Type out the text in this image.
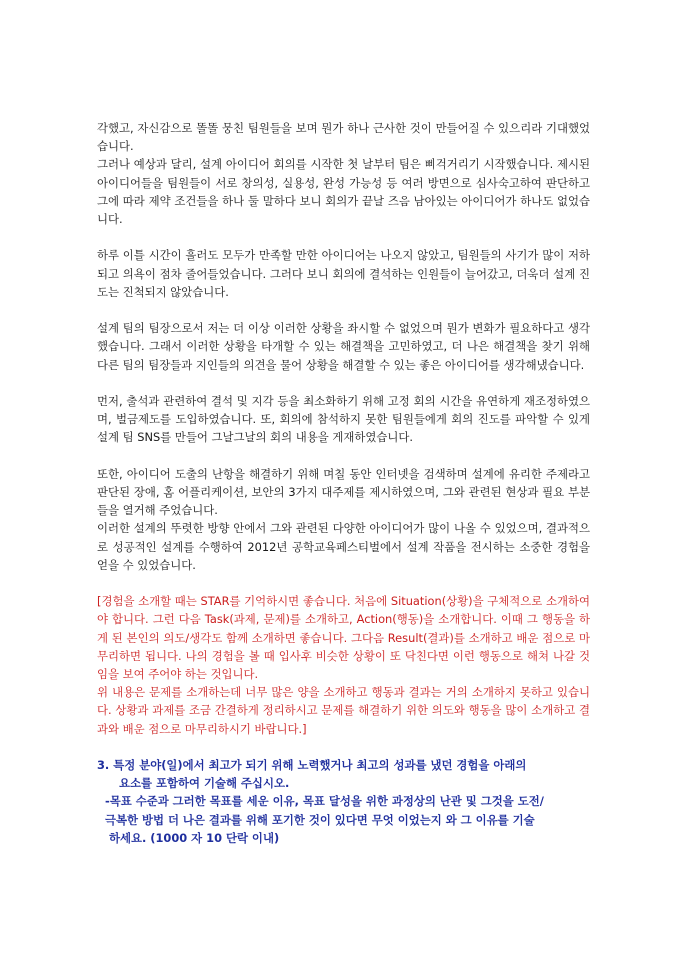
각했고, 자신감으로 똘똘 뭉친 팀원들을 보며 뭔가 하나 근사한 것이 만들어질 수 있으리라 기대했었습니다.

그러나 예상과 달리, 설계 아이디어 회의를 시작한 첫 날부터 팀은 삐걱거리기 시작했습니다. 제시된 아이디어들을 팀원들이 서로 창의성, 실용성, 완성 가능성 등 여러 방면으로 심사숙고하여 판단하고 그에 따라 제약 조건들을 하나 둘 말하다 보니 회의가 끝날 즈음 남아있는 아이디어가 하나도 없었습니다.

하루 이틀 시간이 흘러도 모두가 만족할 만한 아이디어는 나오지 않았고, 팀원들의 사기가 많이 저하되고 의욕이 점차 줄어들었습니다. 그러다 보니 회의에 결석하는 인원들이 늘어갔고, 더욱더 설계 진도는 진척되지 않았습니다.

설계 팀의 팀장으로서 저는 더 이상 이러한 상황을 좌시할 수 없었으며 뭔가 변화가 필요하다고 생각했습니다. 그래서 이러한 상황을 타개할 수 있는 해결책을 고민하였고, 더 나은 해결책을 찾기 위해 다른 팀의 팀장들과 지인들의 의견을 물어 상황을 해결할 수 있는 좋은 아이디어를 생각해냈습니다.

먼저, 출석과 관련하여 결석 및 지각 등을 최소화하기 위해 고정 회의 시간을 유연하게 재조정하였으며, 벌금제도를 도입하였습니다. 또, 회의에 참석하지 못한 팀원들에게 회의 진도를 파악할 수 있게 설계 팀 SNS를 만들어 그날그날의 회의 내용을 게재하였습니다.

또한, 아이디어 도출의 난항을 해결하기 위해 며칠 동안 인터넷을 검색하며 설계에 유리한 주제라고 판단된 장애, 홈 어플리케이션, 보안의 3가지 대주제를 제시하였으며, 그와 관련된 현상과 필요 부분들을 열거해 주었습니다.

이러한 설계의 뚜렷한 방향 안에서 그와 관련된 다양한 아이디어가 많이 나올 수 있었으며, 결과적으로 성공적인 설계를 수행하여 2012년 공학교육페스티벌에서 설계 작품을 전시하는 소중한 경험을 얻을 수 있었습니다.

[경험을 소개할 때는 STAR를 기억하시면 좋습니다. 처음에 Situation(상황)을 구체적으로 소개하여야 합니다. 그런 다음 Task(과제, 문제)를 소개하고, Action(행동)을 소개합니다. 이때 그 행동을 하게 된 본인의 의도/생각도 함께 소개하면 좋습니다. 그다음 Result(결과)를 소개하고 배운 점으로 마무리하면 됩니다. 나의 경험을 볼 때 입사후 비슷한 상황이 또 닥친다면 이런 행동으로 해쳐 나갈 것임을 보여 주어야 하는 것입니다.

위 내용은 문제를 소개하는데 너무 많은 양을 소개하고 행동과 결과는 거의 소개하지 못하고 있습니다. 상황과 과제를 조금 간결하게 정리하시고 문제를 해결하기 위한 의도와 행동을 많이 소개하고 결과와 배운 점으로 마무리하시기 바랍니다.]

3. 특정 분야(일)에서 최고가 되기 위해 노력했거나 최고의 성과를 냈던 경험을 아래의

요소를 포함하여 기술해 주십시오.

-목표 수준과 그러한 목표를 세운 이유, 목표 달성을 위한 과정상의 난관 및 그것을 도전/

극복한 방법 더 나은 결과를 위해 포기한 것이 있다면 무엇 이었는지 와 그 이유를 기술

하세요. (1000 자 10 단락 이내)
